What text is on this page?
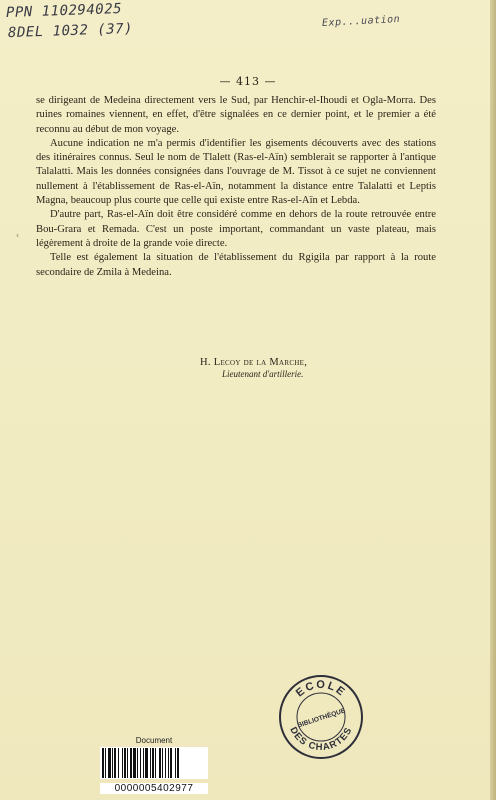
PPN 110294025
8DEL 1032 (37)	Exp...uation
— 413 —

se dirigeant de Medeina directement vers le Sud, par Henchir-el-Ihoudi et Ogla-Morra. Des ruines romaines viennent, en effet, d'être signalées en ce dernier point, et le premier a été reconnu au début de mon voyage.

Aucune indication ne m'a permis d'identifier les gisements découverts avec des stations des itinéraires connus. Seul le nom de Tlalett (Ras-el-Aïn) semblerait se rapporter à l'antique Talalatti. Mais les données consignées dans l'ouvrage de M. Tissot à ce sujet ne conviennent nullement à l'établissement de Ras-el-Aïn, notamment la distance entre Talalatti et Leptis Magna, beaucoup plus courte que celle qui existe entre Ras-el-Aïn et Lebda.

D'autre part, Ras-el-Aïn doit être considéré comme en dehors de la route retrouvée entre Bou-Grara et Remada. C'est un poste important, commandant un vaste plateau, mais légèrement à droite de la grande voie directe.

Telle est également la situation de l'établissement du Rgigila par rapport à la route secondaire de Zmila à Medeina.

‹
H. Lecoy de la Marche,
Lieutenant d'artillerie.
ECOLE
BIBLIOTHÈQUE
DES CHARTES
Document
0000005402977
